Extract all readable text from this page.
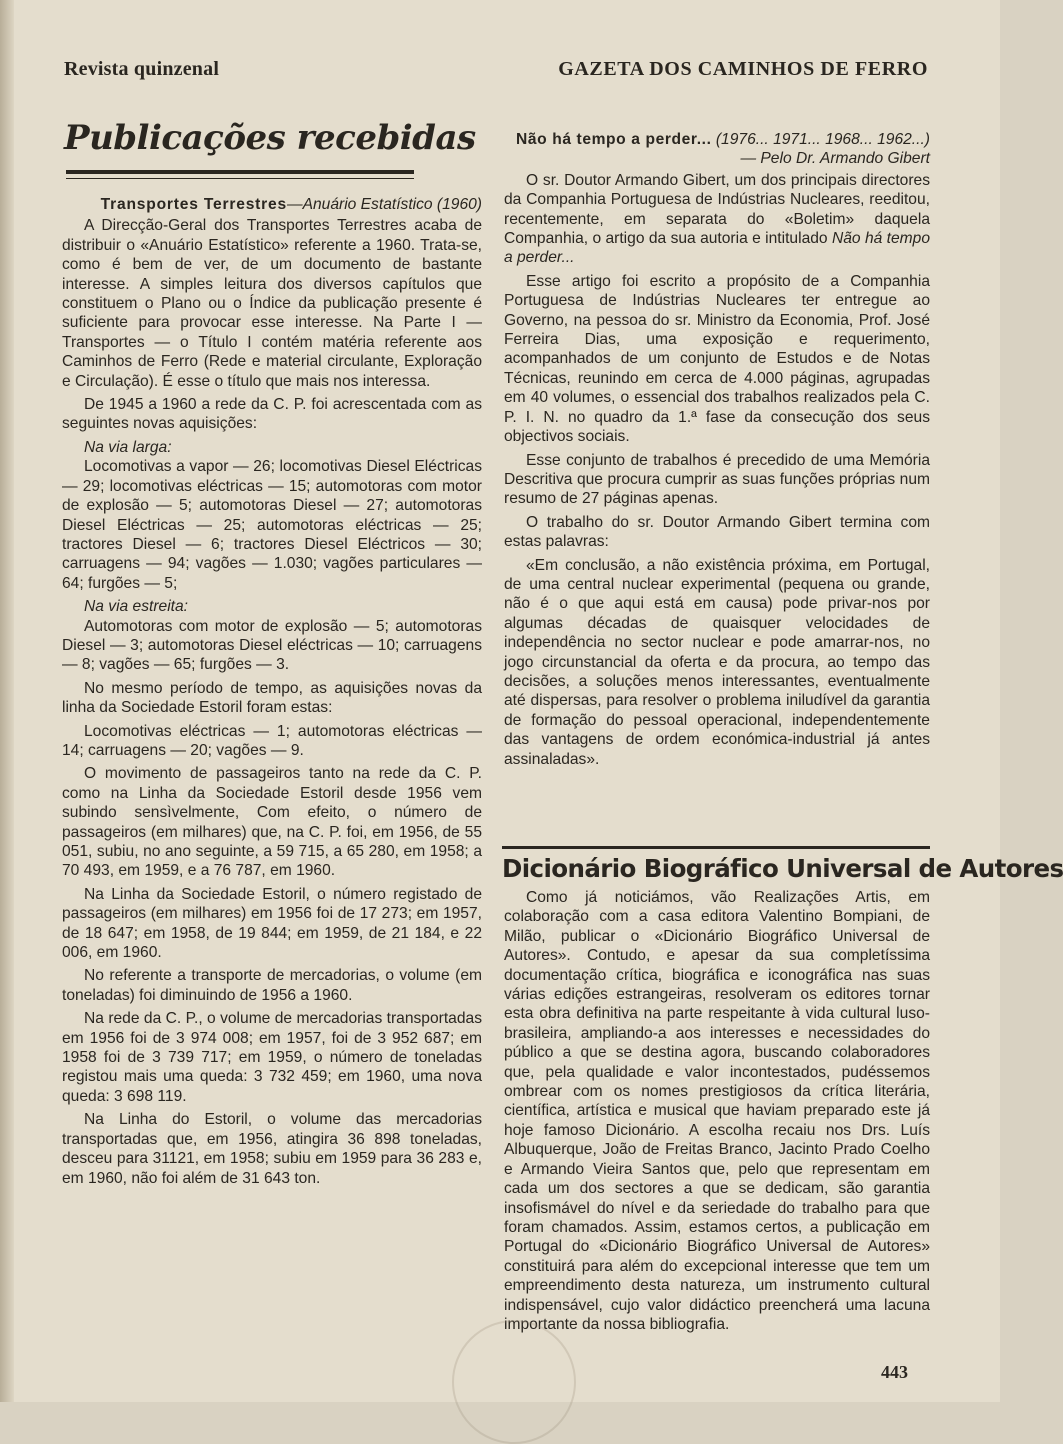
Revista quinzenal	GAZETA DOS CAMINHOS DE FERRO
Publicações recebidas

Transportes Terrestres—Anuário Estatístico (1960)

A Direcção-Geral dos Transportes Terrestres acaba de distribuir o «Anuário Estatístico» referente a 1960. Trata-se, como é bem de ver, de um documento de bastante interesse. A simples leitura dos diversos capítulos que constituem o Plano ou o Índice da publicação presente é suficiente para provocar esse interesse. Na Parte I — Transportes — o Título I contém matéria referente aos Caminhos de Ferro (Rede e material circulante, Exploração e Circulação). É esse o título que mais nos interessa.

De 1945 a 1960 a rede da C. P. foi acrescentada com as seguintes novas aquisições:

Na via larga:

Locomotivas a vapor — 26; locomotivas Diesel Eléctricas — 29; locomotivas eléctricas — 15; automotoras com motor de explosão — 5; automotoras Diesel — 27; automotoras Diesel Eléctricas — 25; automotoras eléctricas — 25; tractores Diesel — 6; tractores Diesel Eléctricos — 30; carruagens — 94; vagões — 1.030; vagões particulares — 64; furgões — 5;

Na via estreita:

Automotoras com motor de explosão — 5; automotoras Diesel — 3; automotoras Diesel eléctricas — 10; carruagens — 8; vagões — 65; furgões — 3.

No mesmo período de tempo, as aquisições novas da linha da Sociedade Estoril foram estas:

Locomotivas eléctricas — 1; automotoras eléctricas — 14; carruagens — 20; vagões — 9.

O movimento de passageiros tanto na rede da C. P. como na Linha da Sociedade Estoril desde 1956 vem subindo sensìvelmente, Com efeito, o número de passageiros (em milhares) que, na C. P. foi, em 1956, de 55 051, subiu, no ano seguinte, a 59 715, a 65 280, em 1958; a 70 493, em 1959, e a 76 787, em 1960.

Na Linha da Sociedade Estoril, o número registado de passageiros (em milhares) em 1956 foi de 17 273; em 1957, de 18 647; em 1958, de 19 844; em 1959, de 21 184, e 22 006, em 1960.

No referente a transporte de mercadorias, o volume (em toneladas) foi diminuindo de 1956 a 1960.

Na rede da C. P., o volume de mercadorias transportadas em 1956 foi de 3 974 008; em 1957, foi de 3 952 687; em 1958 foi de 3 739 717; em 1959, o número de toneladas registou mais uma queda: 3 732 459; em 1960, uma nova queda: 3 698 119.

Na Linha do Estoril, o volume das mercadorias transportadas que, em 1956, atingira 36 898 toneladas, desceu para 31121, em 1958; subiu em 1959 para 36 283 e, em 1960, não foi além de 31 643 ton.

Não há tempo a perder... (1976... 1971... 1968... 1962...) — Pelo Dr. Armando Gibert

O sr. Doutor Armando Gibert, um dos principais directores da Companhia Portuguesa de Indústrias Nucleares, reeditou, recentemente, em separata do «Boletim» daquela Companhia, o artigo da sua autoria e intitulado Não há tempo a perder...

Esse artigo foi escrito a propósito de a Companhia Portuguesa de Indústrias Nucleares ter entregue ao Governo, na pessoa do sr. Ministro da Economia, Prof. José Ferreira Dias, uma exposição e requerimento, acompanhados de um conjunto de Estudos e de Notas Técnicas, reunindo em cerca de 4.000 páginas, agrupadas em 40 volumes, o essencial dos trabalhos realizados pela C. P. I. N. no quadro da 1.ª fase da consecução dos seus objectivos sociais.

Esse conjunto de trabalhos é precedido de uma Memória Descritiva que procura cumprir as suas funções próprias num resumo de 27 páginas apenas.

O trabalho do sr. Doutor Armando Gibert termina com estas palavras:

«Em conclusão, a não existência próxima, em Portugal, de uma central nuclear experimental (pequena ou grande, não é o que aqui está em causa) pode privar-nos por algumas décadas de quaisquer velocidades de independência no sector nuclear e pode amarrar-nos, no jogo circunstancial da oferta e da procura, ao tempo das decisões, a soluções menos interessantes, eventualmente até dispersas, para resolver o problema iniludível da garantia de formação do pessoal operacional, independentemente das vantagens de ordem económica-industrial já antes assinaladas».

Dicionário Biográfico Universal de Autores

Como já noticiámos, vão Realizações Artis, em colaboração com a casa editora Valentino Bompiani, de Milão, publicar o «Dicionário Biográfico Universal de Autores». Contudo, e apesar da sua completíssima documentação crítica, biográfica e iconográfica nas suas várias edições estrangeiras, resolveram os editores tornar esta obra definitiva na parte respeitante à vida cultural luso-brasileira, ampliando-a aos interesses e necessidades do público a que se destina agora, buscando colaboradores que, pela qualidade e valor incontestados, pudéssemos ombrear com os nomes prestigiosos da crítica literária, científica, artística e musical que haviam preparado este já hoje famoso Dicionário. A escolha recaiu nos Drs. Luís Albuquerque, João de Freitas Branco, Jacinto Prado Coelho e Armando Vieira Santos que, pelo que representam em cada um dos sectores a que se dedicam, são garantia insofismável do nível e da seriedade do trabalho para que foram chamados. Assim, estamos certos, a publicação em Portugal do «Dicionário Biográfico Universal de Autores» constituirá para além do excepcional interesse que tem um empreendimento desta natureza, um instrumento cultural indispensável, cujo valor didáctico preencherá uma lacuna importante da nossa bibliografia.

443
